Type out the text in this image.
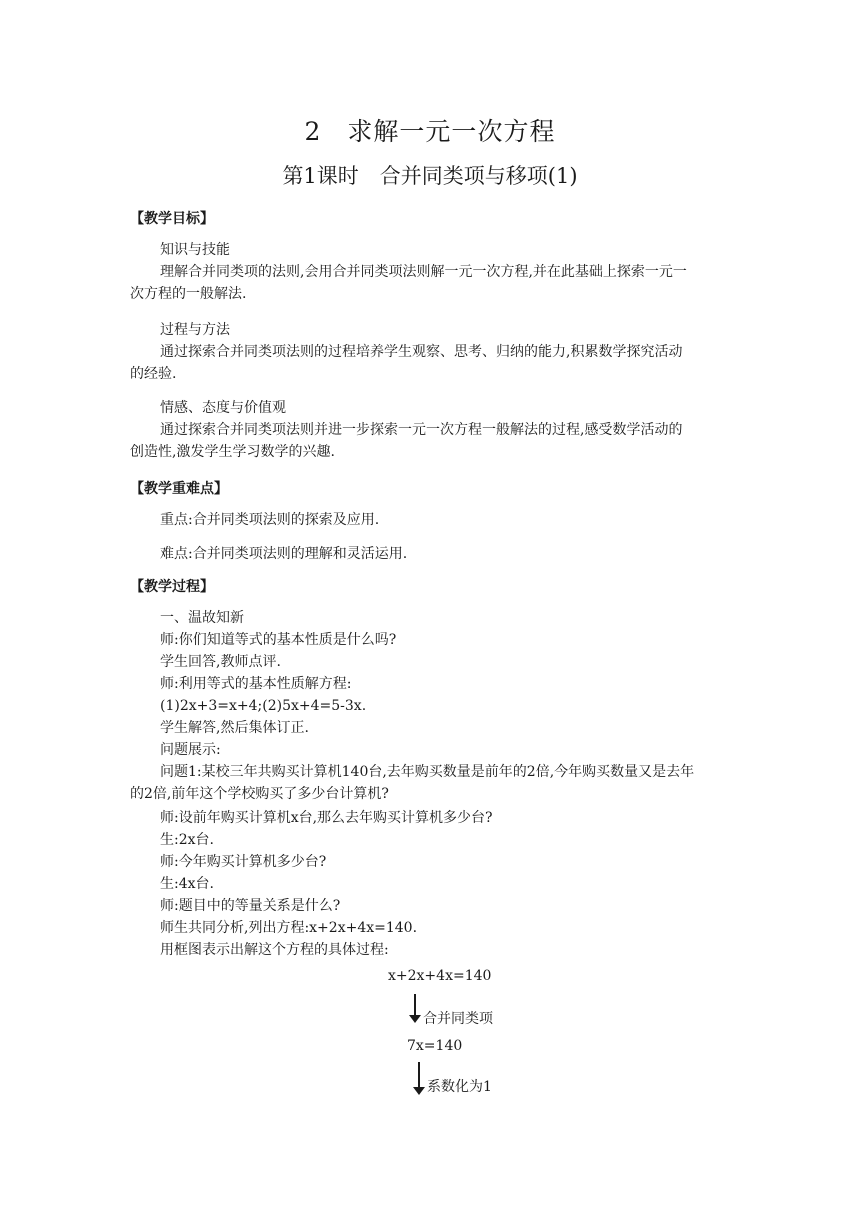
2　求解一元一次方程
第1课时　合并同类项与移项(1)

【教学目标】

知识与技能

理解合并同类项的法则,会用合并同类项法则解一元一次方程,并在此基础上探索一元一

次方程的一般解法.

过程与方法

通过探索合并同类项法则的过程培养学生观察、思考、归纳的能力,积累数学探究活动

的经验.

情感、态度与价值观

通过探索合并同类项法则并进一步探索一元一次方程一般解法的过程,感受数学活动的

创造性,激发学生学习数学的兴趣.

【教学重难点】

重点:合并同类项法则的探索及应用.

难点:合并同类项法则的理解和灵活运用.

【教学过程】

一、温故知新

师:你们知道等式的基本性质是什么吗?

学生回答,教师点评.

师:利用等式的基本性质解方程:

(1)2x+3=x+4;(2)5x+4=5-3x.

学生解答,然后集体订正.

问题展示:

问题1:某校三年共购买计算机140台,去年购买数量是前年的2倍,今年购买数量又是去年

的2倍,前年这个学校购买了多少台计算机?

师:设前年购买计算机x台,那么去年购买计算机多少台?

生:2x台.

师:今年购买计算机多少台?

生:4x台.

师:题目中的等量关系是什么?

师生共同分析,列出方程:x+2x+4x=140.

用框图表示出解这个方程的具体过程:

x+2x+4x=140
合并同类项
7x=140
系数化为1
